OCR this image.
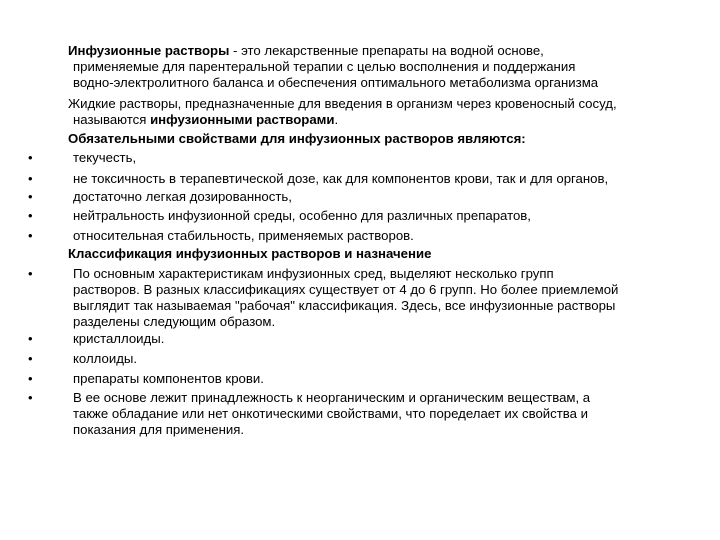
Инфузионные растворы - это лекарственные препараты на водной основе,
применяемые для парентеральной терапии с целью восполнения и поддержания
водно-электролитного баланса и обеспечения оптимального метаболизма организма
Жидкие растворы, предназначенные для введения в организм через кровеносный сосуд,
называются инфузионными растворами.
Обязательными свойствами для инфузионных растворов являются:
•	текучесть,
•	не токсичность в терапевтической дозе, как для компонентов крови, так и для органов,
•	достаточно легкая дозированность,
•	нейтральность инфузионной среды, особенно для различных препаратов,
•	относительная стабильность, применяемых растворов.
Классификация инфузионных растворов и назначение
•	По основным характеристикам инфузионных сред, выделяют несколько групп
растворов. В разных классификациях существует от 4 до 6 групп. Но более приемлемой
выглядит так называемая "рабочая" классификация. Здесь, все инфузионные растворы
разделены следующим образом.
•	кристаллоиды.
•	коллоиды.
•	препараты компонентов крови.
•	В ее основе лежит принадлежность к неорганическим и органическим веществам, а
также обладание или нет онкотическими свойствами, что поределает их свойства и
показания для применения.
